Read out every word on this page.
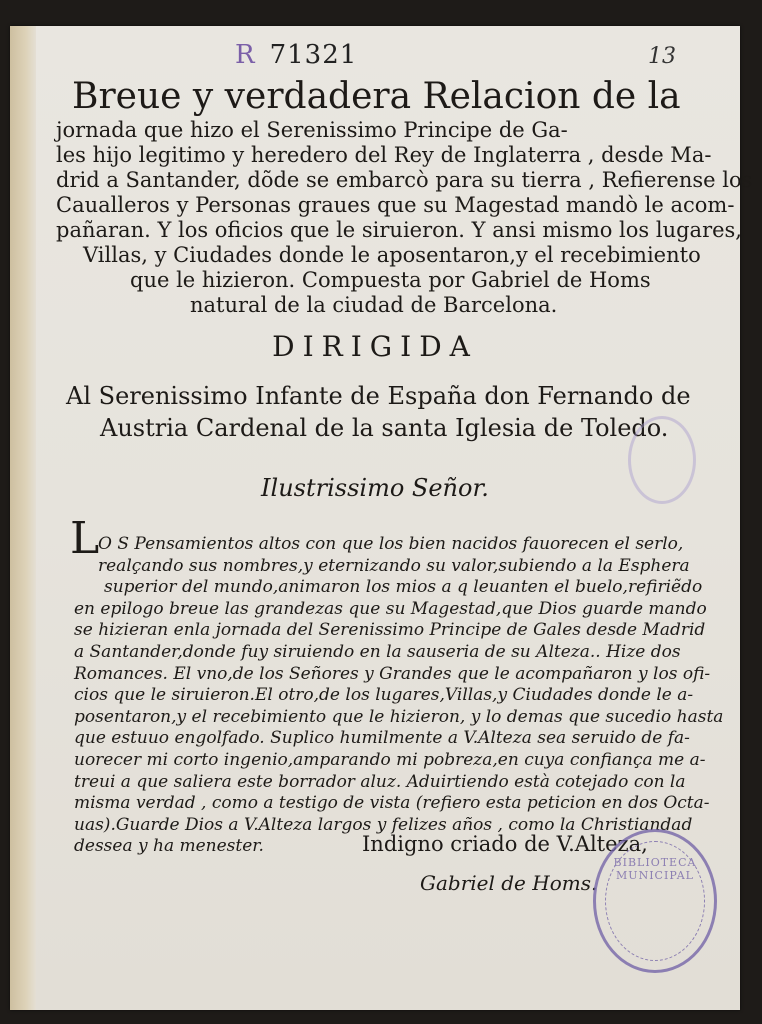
R 71321	13
Breue y verdadera Relacion de la
jornada que hizo el Serenissimo Principe de Ga-
les hijo legitimo y heredero del Rey de Inglaterra , desde Ma-
drid a Santander, dõde se embarcò para su tierra , Refierense los
Caualleros y Personas graues que su Magestad mandò le acom-
pañaran. Y los oficios que le siruieron. Y ansi mismo los lugares,
Villas, y Ciudades donde le aposentaron,y el recebimiento
que le hizieron. Compuesta por Gabriel de Homs
natural de la ciudad de Barcelona.
DIRIGIDA
Al Serenissimo Infante de España don Fernando de
Austria Cardenal de la santa Iglesia de Toledo.
Ilustrissimo Señor.
L
O S Pensamientos altos con que los bien nacidos fauorecen el serlo,
realçando sus nombres,y eternizando su valor,subiendo a la Esphera
superior del mundo,animaron los mios a q leuanten el buelo,refiriẽdo
en epilogo breue las grandezas que su Magestad,que Dios guarde mando
se hizieran enla jornada del Serenissimo Principe de Gales desde Madrid
a Santander,donde fuy siruiendo en la sauseria de su Alteza.. Hize dos
Romances. El vno,de los Señores y Grandes que le acompañaron y los ofi-
cios que le siruieron.El otro,de los lugares,Villas,y Ciudades donde le a-
posentaron,y el recebimiento que le hizieron, y lo demas que sucedio hasta
que estuuo engolfado. Suplico humilmente a V.Alteza sea seruido de fa-
uorecer mi corto ingenio,amparando mi pobreza,en cuya confiança me a-
treui a que saliera este borrador aluz. Aduirtiendo està cotejado con la
misma verdad , como a testigo de vista (refiero esta peticion en dos Octa-
uas).Guarde Dios a V.Alteza largos y felizes años , como la Christiandad
dessea y ha menester.	Indigno criado de V.Alteza,
Gabriel de Homs.
BIBLIOTECA MUNICIPAL
